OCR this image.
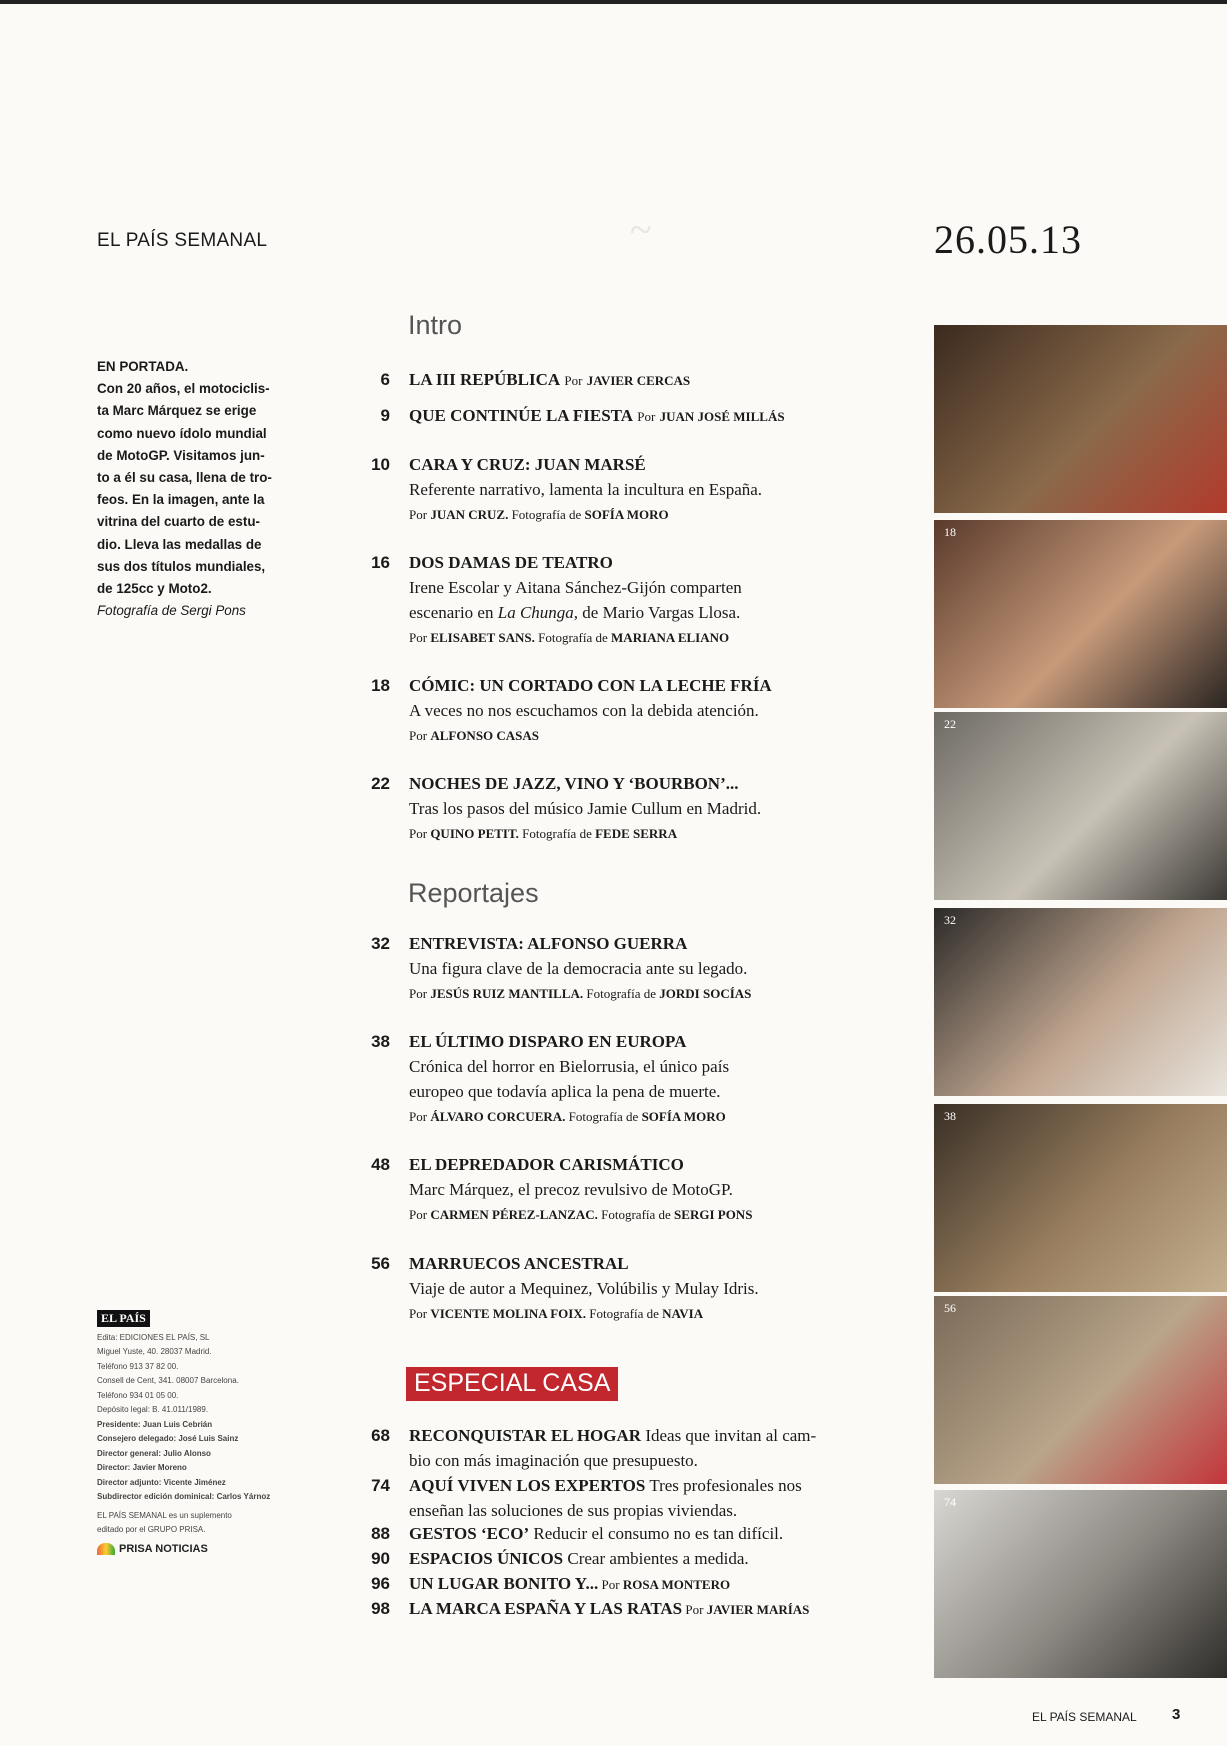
~
EL PAÍS SEMANAL	26.05.13
Intro
Reportajes
ESPECIAL CASA
EN PORTADA.
Con 20 años, el motociclis-
ta Marc Márquez se erige
como nuevo ídolo mundial
de MotoGP. Visitamos jun-
to a él su casa, llena de tro-
feos. En la imagen, ante la
vitrina del cuarto de estu-
dio. Lleva las medallas de
sus dos títulos mundiales,
de 125cc y Moto2.
Fotografía de Sergi Pons
6 LA III REPÚBLICA Por JAVIER CERCAS
9 QUE CONTINÚE LA FIESTA Por JUAN JOSÉ MILLÁS
10 CARA Y CRUZ: JUAN MARSÉ
Referente narrativo, lamenta la incultura en España.
Por JUAN CRUZ. Fotografía de SOFÍA MORO
16 DOS DAMAS DE TEATRO
Irene Escolar y Aitana Sánchez-Gijón comparten
escenario en La Chunga, de Mario Vargas Llosa.
Por ELISABET SANS. Fotografía de MARIANA ELIANO
18 CÓMIC: UN CORTADO CON LA LECHE FRÍA
A veces no nos escuchamos con la debida atención.
Por ALFONSO CASAS
22 NOCHES DE JAZZ, VINO Y ‘BOURBON’...
Tras los pasos del músico Jamie Cullum en Madrid.
Por QUINO PETIT. Fotografía de FEDE SERRA
32 ENTREVISTA: ALFONSO GUERRA
Una figura clave de la democracia ante su legado.
Por JESÚS RUIZ MANTILLA. Fotografía de JORDI SOCÍAS
38 EL ÚLTIMO DISPARO EN EUROPA
Crónica del horror en Bielorrusia, el único país
europeo que todavía aplica la pena de muerte.
Por ÁLVARO CORCUERA. Fotografía de SOFÍA MORO
48 EL DEPREDADOR CARISMÁTICO
Marc Márquez, el precoz revulsivo de MotoGP.
Por CARMEN PÉREZ-LANZAC. Fotografía de SERGI PONS
56 MARRUECOS ANCESTRAL
Viaje de autor a Mequinez, Volúbilis y Mulay Idris.
Por VICENTE MOLINA FOIX. Fotografía de NAVIA
68 RECONQUISTAR EL HOGAR Ideas que invitan al cam-
bio con más imaginación que presupuesto.
74 AQUÍ VIVEN LOS EXPERTOS Tres profesionales nos
enseñan las soluciones de sus propias viviendas.
88 GESTOS ‘ECO’ Reducir el consumo no es tan difícil.
90 ESPACIOS ÚNICOS Crear ambientes a medida.
96 UN LUGAR BONITO Y... Por ROSA MONTERO
98 LA MARCA ESPAÑA Y LAS RATAS Por JAVIER MARÍAS
18
22
32
38
56
74
EL PAÍS
Edita: EDICIONES EL PAÍS, SL
Miguel Yuste, 40. 28037 Madrid.
Teléfono 913 37 82 00.
Consell de Cent, 341. 08007 Barcelona.
Teléfono 934 01 05 00.
Depósito legal: B. 41.011/1989.
Presidente: Juan Luis Cebrián
Consejero delegado: José Luis Sainz
Director general: Julio Alonso
Director: Javier Moreno
Director adjunto: Vicente Jiménez
Subdirector edición dominical: Carlos Yárnoz
EL PAÍS SEMANAL es un suplemento
editado por el GRUPO PRISA.
PRISA NOTICIAS
EL PAÍS SEMANAL 3
